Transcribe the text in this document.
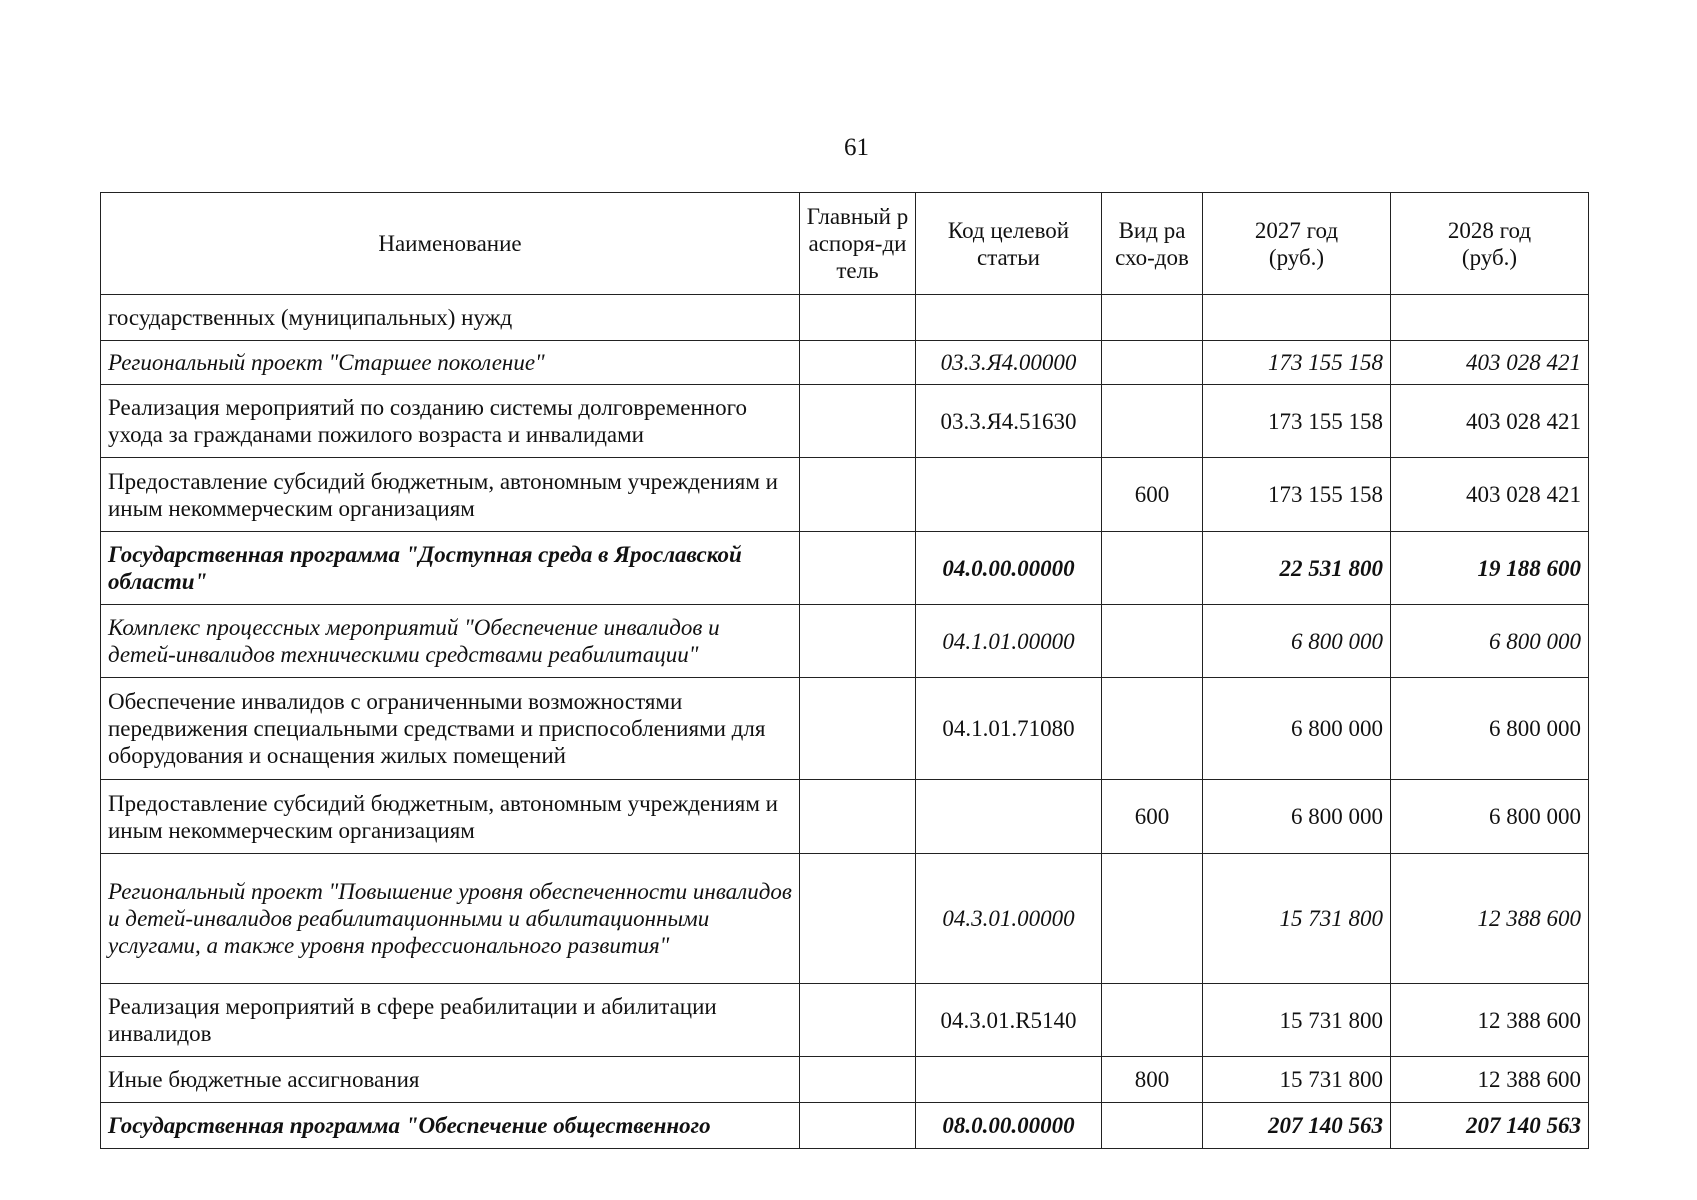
61
Наименование	Главный распоря-дитель	Код целевой статьи	Вид расхо-дов	2027 год (руб.)	2028 год (руб.)
государственных (муниципальных) нужд					
Региональный проект "Старшее поколение"		03.3.Я4.00000		173 155 158	403 028 421
Реализация мероприятий по созданию системы долговременного ухода за гражданами пожилого возраста и инвалидами		03.3.Я4.51630		173 155 158	403 028 421
Предоставление субсидий бюджетным, автономным учреждениям и иным некоммерческим организациям			600	173 155 158	403 028 421
Государственная программа "Доступная среда в Ярославской области"		04.0.00.00000		22 531 800	19 188 600
Комплекс процессных мероприятий "Обеспечение инвалидов и детей-инвалидов техническими средствами реабилитации"		04.1.01.00000		6 800 000	6 800 000
Обеспечение инвалидов с ограниченными возможностями передвижения специальными средствами и приспособлениями для оборудования и оснащения жилых помещений		04.1.01.71080		6 800 000	6 800 000
Предоставление субсидий бюджетным, автономным учреждениям и иным некоммерческим организациям			600	6 800 000	6 800 000
Региональный проект "Повышение уровня обеспеченности инвалидов и детей-инвалидов реабилитационными и абилитационными услугами, а также уровня профессионального развития"		04.3.01.00000		15 731 800	12 388 600
Реализация мероприятий в сфере реабилитации и абилитации инвалидов		04.3.01.R5140		15 731 800	12 388 600
Иные бюджетные ассигнования			800	15 731 800	12 388 600
Государственная программа "Обеспечение общественного		08.0.00.00000		207 140 563	207 140 563
